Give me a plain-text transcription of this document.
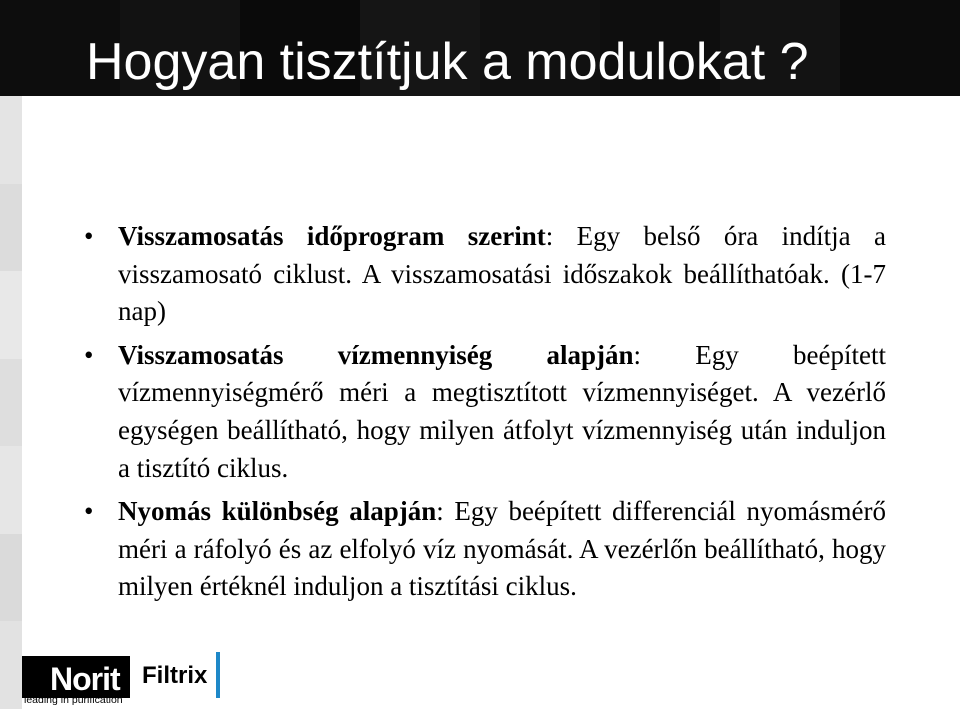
Hogyan tisztítjuk a modulokat ?

• Visszamosatás időprogram szerint: Egy belső óra indítja a visszamosató ciklust. A visszamosatási időszakok beállíthatóak. (1-7 nap)

• Visszamosatás vízmennyiség alapján: Egy beépített vízmennyiségmérő méri a megtisztított vízmennyiséget. A vezérlő egységen beállítható, hogy milyen átfolyt vízmennyiség után induljon a tisztító ciklus.

• Nyomás különbség alapján: Egy beépített differenciál nyomásmérő méri a ráfolyó és az elfolyó víz nyomását. A vezérlőn beállítható, hogy milyen értéknél induljon a tisztítási ciklus.

Norit
leading in purification
Filtrix
